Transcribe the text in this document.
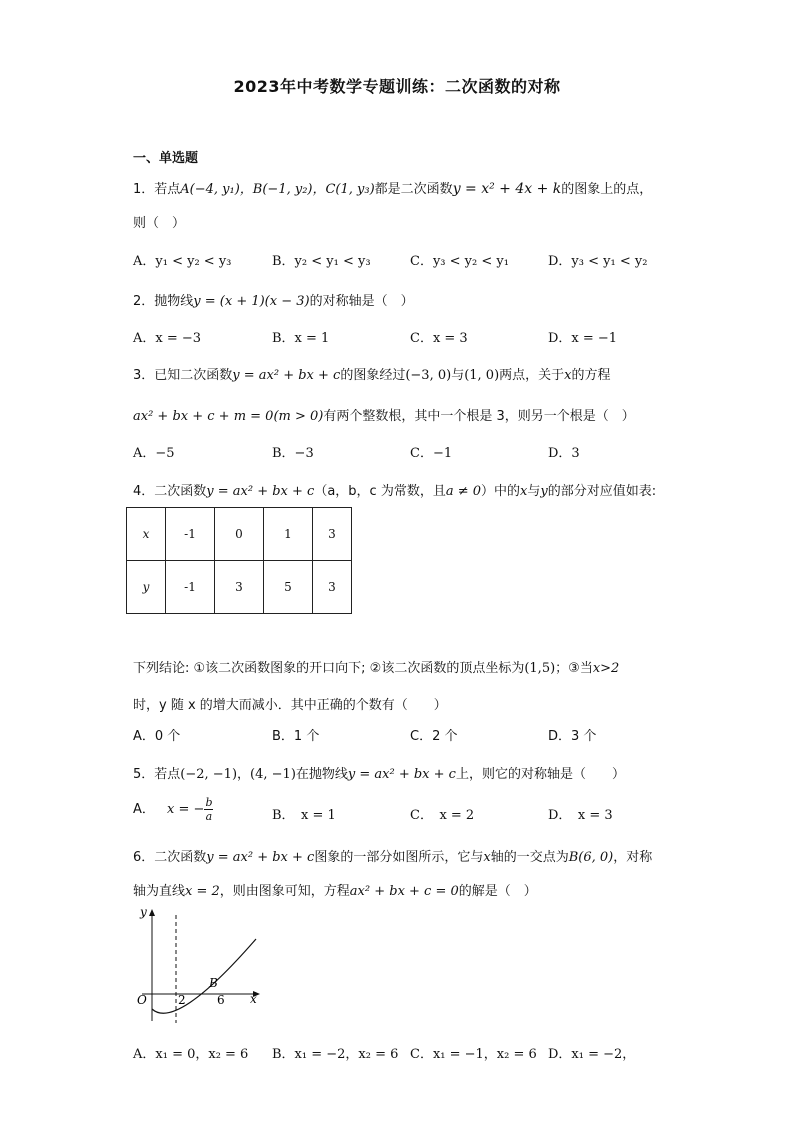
2023年中考数学专题训练：二次函数的对称
一、单选题
1．若点A(−4, y₁)，B(−1, y₂)，C(1, y₃)都是二次函数y = x² + 4x + k的图象上的点，
则（　）
A．y₁ < y₂ < y₃	B．y₂ < y₁ < y₃	C．y₃ < y₂ < y₁	D．y₃ < y₁ < y₂
2．抛物线y = (x + 1)(x − 3)的对称轴是（　）
A．x = −3	B．x = 1	C．x = 3	D．x = −1
3．已知二次函数y = ax² + bx + c的图象经过(−3, 0)与(1, 0)两点，关于x的方程
ax² + bx + c + m = 0(m > 0)有两个整数根，其中一个根是 3，则另一个根是（　）
A．−5	B．−3	C．−1	D．3
4．二次函数y = ax² + bx + c（a，b，c 为常数，且a ≠ 0）中的x与y的部分对应值如表:
x	-1	0	1	3
y	-1	3	5	3
下列结论: ①该二次函数图象的开口向下; ②该二次函数的顶点坐标为(1,5)；③当x>2
时，y 随 x 的增大而减小．其中正确的个数有（　　）
A．0 个	B．1 个	C．2 个	D．3 个
5．若点(−2, −1)，(4, −1)在抛物线y = ax² + bx + c上，则它的对称轴是（　　）
A． x = − $\frac{b}{a}$	B．　x = 1	C．　x = 2	D．　x = 3
6．二次函数y = ax² + bx + c图象的一部分如图所示，它与x轴的一交点为B(6, 0)，对称
轴为直线x = 2，则由图象可知，方程ax² + bx + c = 0的解是（　）
y
x
O	2	6
B
A．x₁ = 0，x₂ = 6 B．x₁ = −2，x₂ = 6 C．x₁ = −1，x₂ = 6 D．x₁ = −2，
